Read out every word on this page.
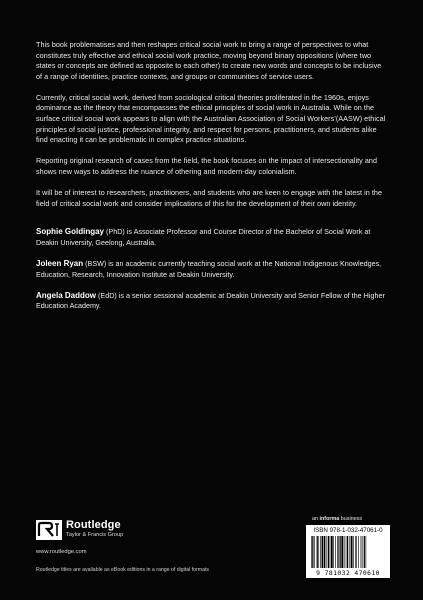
This book problematises and then reshapes critical social work to bring a range of perspectives to what constitutes truly effective and ethical social work practice, moving beyond binary oppositions (where two states or concepts are defined as opposite to each other) to create new words and concepts to be inclusive of a range of identities, practice contexts, and groups or communities of service users.

Currently, critical social work, derived from sociological critical theories proliferated in the 1960s, enjoys dominance as the theory that encompasses the ethical principles of social work in Australia. While on the surface critical social work appears to align with the Australian Association of Social Workers’(AASW) ethical principles of social justice, professional integrity, and respect for persons, practitioners, and students alike find enacting it can be problematic in complex practice situations.

Reporting original research of cases from the field, the book focuses on the impact of intersectionality and shows new ways to address the nuance of othering and modern-day colonialism.

It will be of interest to researchers, practitioners, and students who are keen to engage with the latest in the field of critical social work and consider implications of this for the development of their own identity.

Sophie Goldingay (PhD) is Associate Professor and Course Director of the Bachelor of Social Work at Deakin University, Geelong, Australia.

Joleen Ryan (BSW) is an academic currently teaching social work at the National Indigenous Knowledges, Education, Research, Innovation Institute at Deakin University.

Angela Daddow (EdD) is a senior sessional academic at Deakin University and Senior Fellow of the Higher Education Academy.

Routledge
Taylor & Francis Group
www.routledge.com
Routledge titles are available as eBook editions in a range of digital formats
an informa business
ISBN 978-1-032-47061-0
9 781032 470610
